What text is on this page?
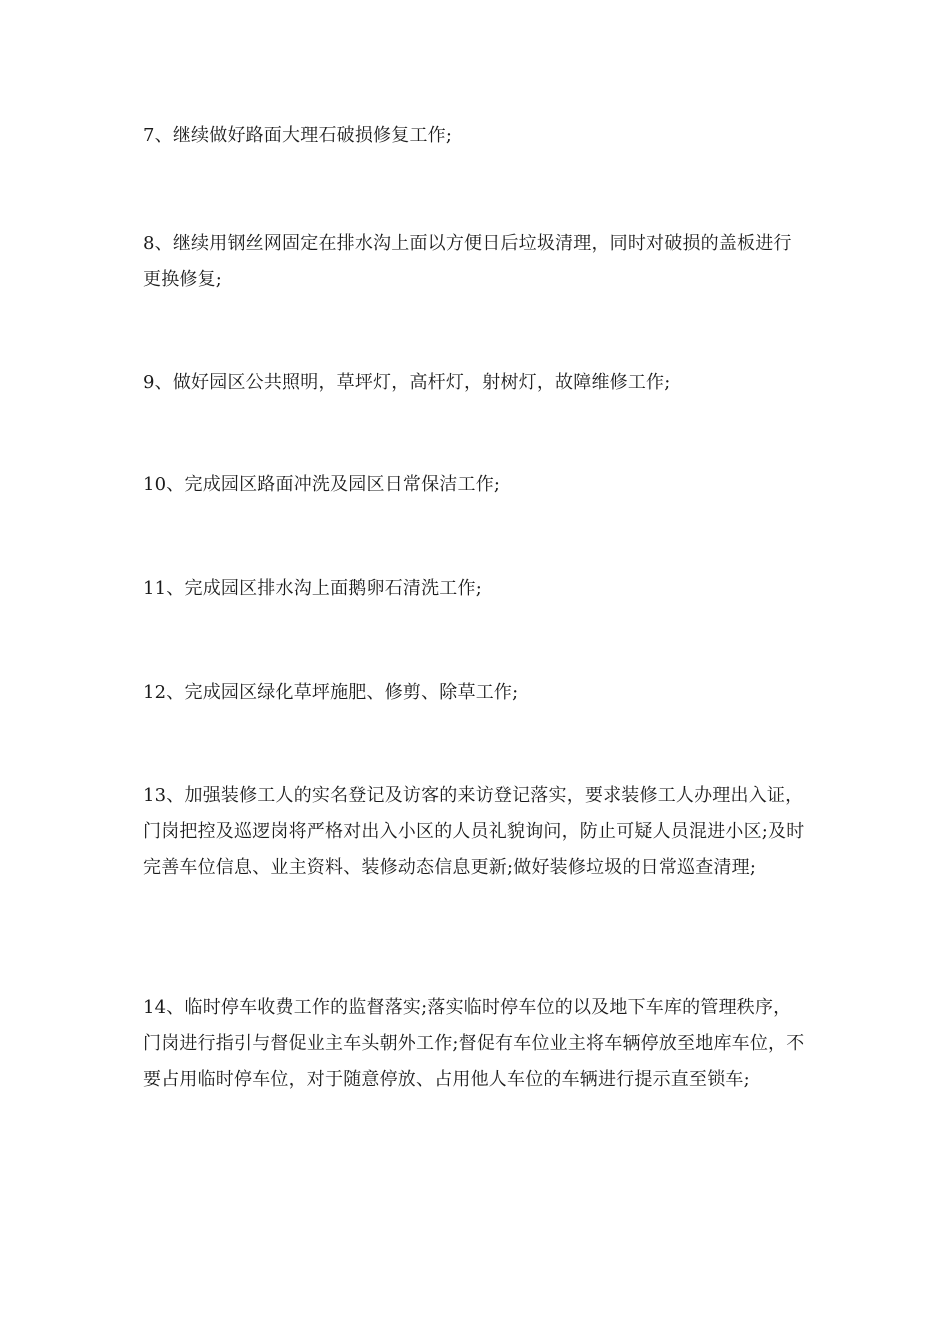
7、继续做好路面大理石破损修复工作;

8、继续用钢丝网固定在排水沟上面以方便日后垃圾清理，同时对破损的盖板进行更换修复;

9、做好园区公共照明，草坪灯，高杆灯，射树灯，故障维修工作;

10、完成园区路面冲洗及园区日常保洁工作;

11、完成园区排水沟上面鹅卵石清洗工作;

12、完成园区绿化草坪施肥、修剪、除草工作;

13、加强装修工人的实名登记及访客的来访登记落实，要求装修工人办理出入证，门岗把控及巡逻岗将严格对出入小区的人员礼貌询问，防止可疑人员混进小区;及时完善车位信息、业主资料、装修动态信息更新;做好装修垃圾的日常巡查清理;

14、临时停车收费工作的监督落实;落实临时停车位的以及地下车库的管理秩序，门岗进行指引与督促业主车头朝外工作;督促有车位业主将车辆停放至地库车位，不要占用临时停车位，对于随意停放、占用他人车位的车辆进行提示直至锁车;
